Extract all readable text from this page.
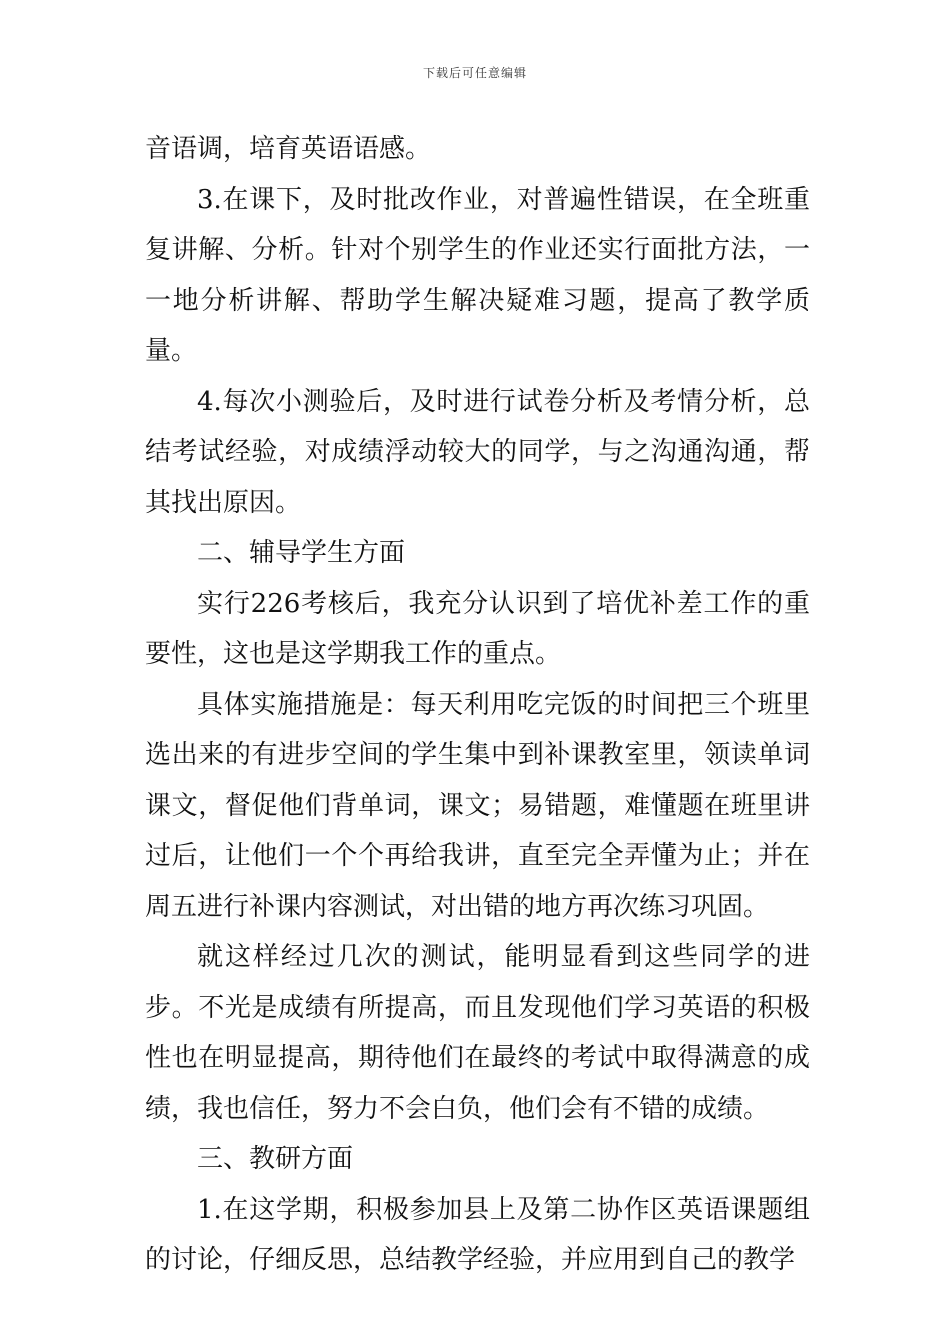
下载后可任意编辑

音语调，培育英语语感。

3.在课下，及时批改作业，对普遍性错误，在全班重复讲解、分析。针对个别学生的作业还实行面批方法，一一地分析讲解、帮助学生解决疑难习题，提高了教学质量。

4.每次小测验后，及时进行试卷分析及考情分析，总结考试经验，对成绩浮动较大的同学，与之沟通沟通，帮其找出原因。

二、辅导学生方面

实行226考核后，我充分认识到了培优补差工作的重要性，这也是这学期我工作的重点。

具体实施措施是：每天利用吃完饭的时间把三个班里选出来的有进步空间的学生集中到补课教室里，领读单词课文，督促他们背单词，课文；易错题，难懂题在班里讲过后，让他们一个个再给我讲，直至完全弄懂为止；并在周五进行补课内容测试，对出错的地方再次练习巩固。

就这样经过几次的测试，能明显看到这些同学的进步。不光是成绩有所提高，而且发现他们学习英语的积极性也在明显提高，期待他们在最终的考试中取得满意的成绩，我也信任，努力不会白负，他们会有不错的成绩。

三、教研方面

1.在这学期，积极参加县上及第二协作区英语课题组的讨论，仔细反思，总结教学经验，并应用到自己的教学
